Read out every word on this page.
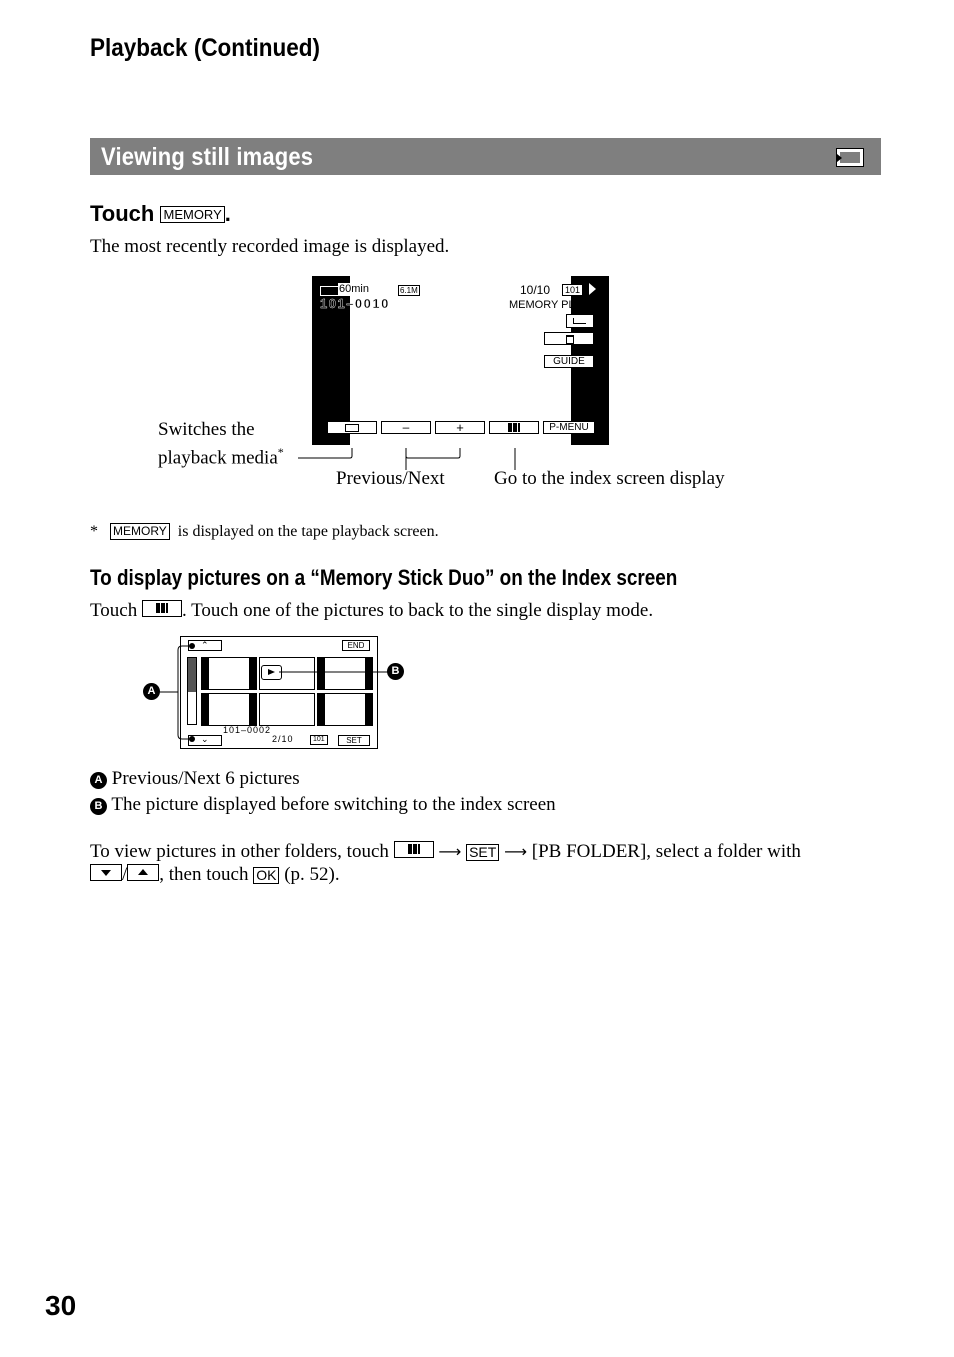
Playback (Continued)
Viewing still images
Touch MEMORY .
The most recently recorded image is displayed.
60min	6.1M	10/10	101
101–0010	MEMORY PLAY
GUIDE
–	+	P-MENU
Switches the
playback media*
Previous/Next	Go to the index screen display
* MEMORY is displayed on the tape playback screen.
To display pictures on a “Memory Stick Duo” on the Index screen
Touch . Touch one of the pictures to back to the single display mode.
⌃	END
101–0002
⌄	2/10	101	SET
A
B
A Previous/Next 6 pictures
B The picture displayed before switching to the index screen
To view pictures in other folders, touch	⟶ SET ⟶ [PB FOLDER], select a folder with
/ , then touch OK (p. 52).
30
